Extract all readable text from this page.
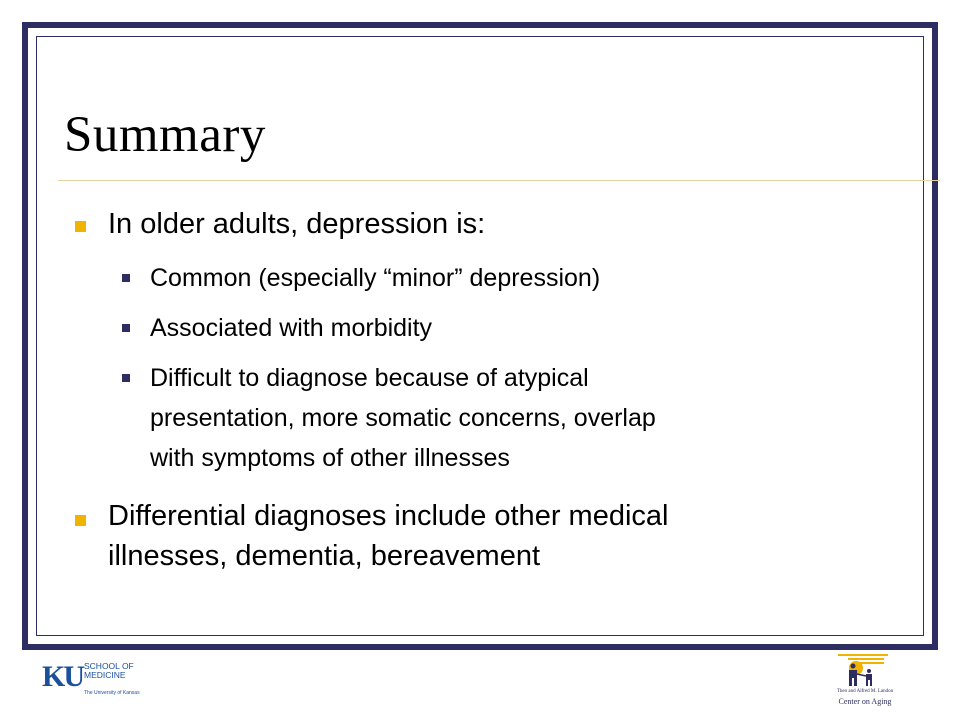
Summary
In older adults, depression is:
Common (especially “minor” depression)
Associated with morbidity
Difficult to diagnose because of atypical
presentation, more somatic concerns, overlap
with symptoms of other illnesses
Differential diagnoses include other medical
illnesses, dementia, bereavement
KU SCHOOL OF
MEDICINE
The University of Kansas	Theo and Alfred M. Landon
Center on Aging
